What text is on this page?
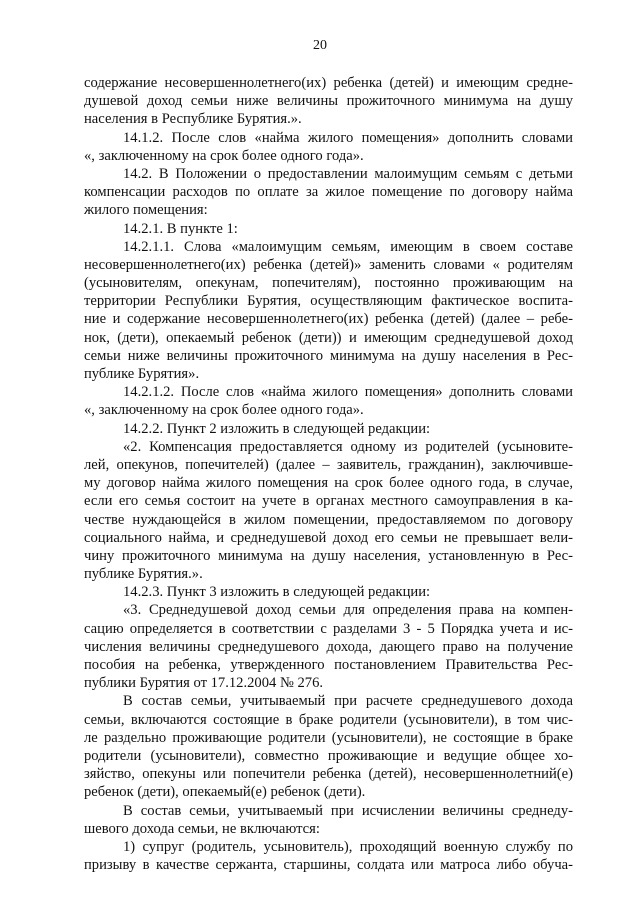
20
содержание несовершеннолетнего(их) ребенка (детей) и имеющим средне-
душевой доход семьи ниже величины прожиточного минимума на душу
населения в Республике Бурятия.».
14.1.2. После слов «найма жилого помещения» дополнить словами
«, заключенному на срок более одного года».
14.2. В Положении о предоставлении малоимущим семьям с детьми
компенсации расходов по оплате за жилое помещение по договору найма
жилого помещения:
14.2.1. В пункте 1:
14.2.1.1. Слова «малоимущим семьям, имеющим в своем составе
несовершеннолетнего(их) ребенка (детей)» заменить словами « родителям
(усыновителям, опекунам, попечителям), постоянно проживающим на
территории Республики Бурятия, осуществляющим фактическое воспита-
ние и содержание несовершеннолетнего(их) ребенка (детей) (далее – ребе-
нок, (дети), опекаемый ребенок (дети)) и имеющим среднедушевой доход
семьи ниже величины прожиточного минимума на душу населения в Рес-
публике Бурятия».
14.2.1.2. После слов «найма жилого помещения» дополнить словами
«, заключенному на срок более одного года».
14.2.2. Пункт 2 изложить в следующей редакции:
«2. Компенсация предоставляется одному из родителей (усыновите-
лей, опекунов, попечителей) (далее – заявитель, гражданин), заключивше-
му договор найма жилого помещения на срок более одного года, в случае,
если его семья состоит на учете в органах местного самоуправления в ка-
честве нуждающейся в жилом помещении, предоставляемом по договору
социального найма, и среднедушевой доход его семьи не превышает вели-
чину прожиточного минимума на душу населения, установленную в Рес-
публике Бурятия.».
14.2.3. Пункт 3 изложить в следующей редакции:
«3. Среднедушевой доход семьи для определения права на компен-
сацию определяется в соответствии с разделами 3 - 5 Порядка учета и ис-
числения величины среднедушевого дохода, дающего право на получение
пособия на ребенка, утвержденного постановлением Правительства Рес-
публики Бурятия от 17.12.2004 № 276.
В состав семьи, учитываемый при расчете среднедушевого дохода
семьи, включаются состоящие в браке родители (усыновители), в том чис-
ле раздельно проживающие родители (усыновители), не состоящие в браке
родители (усыновители), совместно проживающие и ведущие общее хо-
зяйство, опекуны или попечители ребенка (детей), несовершеннолетний(е)
ребенок (дети), опекаемый(е) ребенок (дети).
В состав семьи, учитываемый при исчислении величины среднеду-
шевого дохода семьи, не включаются:
1) супруг (родитель, усыновитель), проходящий военную службу по
призыву в качестве сержанта, старшины, солдата или матроса либо обуча-
